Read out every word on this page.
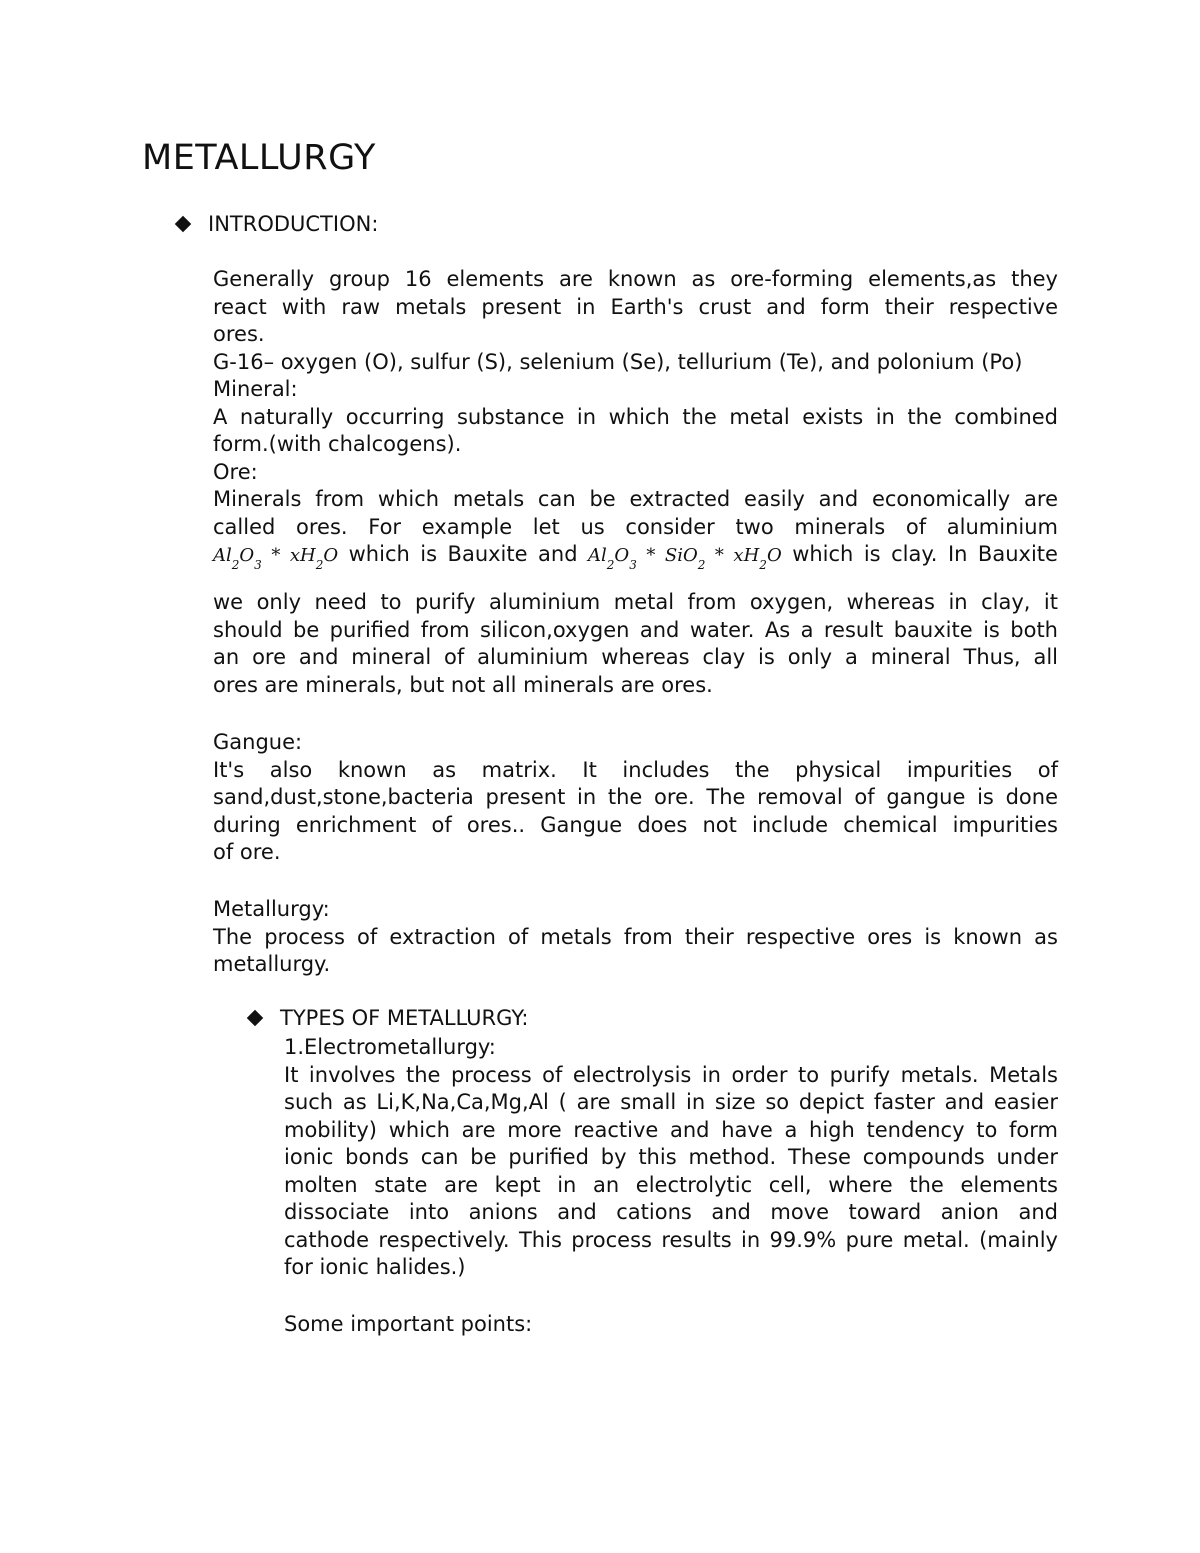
METALLURGY
INTRODUCTION:
Generally group 16 elements are known as ore-forming elements,as they
react with raw metals present in Earth's crust and form their respective
ores.
G-16– oxygen (O), sulfur (S), selenium (Se), tellurium (Te), and polonium (Po)
Mineral:
A naturally occurring substance in which the metal exists in the combined
form.(with chalcogens).
Ore:
Minerals from which metals can be extracted easily and economically are
called ores. For example let us consider two minerals of aluminium
$Al_2O_3 * xH_2O$ which is Bauxite and $Al_2O_3 * SiO_2 * xH_2O$ which is clay. In Bauxite
we only need to purify aluminium metal from oxygen, whereas in clay, it
should be purified from silicon,oxygen and water. As a result bauxite is both
an ore and mineral of aluminium whereas clay is only a mineral Thus, all
ores are minerals, but not all minerals are ores.
Gangue:
It's also known as matrix. It includes the physical impurities of
sand,dust,stone,bacteria present in the ore. The removal of gangue is done
during enrichment of ores.. Gangue does not include chemical impurities
of ore.
Metallurgy:
The process of extraction of metals from their respective ores is known as
metallurgy.
TYPES OF METALLURGY:
1.Electrometallurgy:
It involves the process of electrolysis in order to purify metals. Metals
such as Li,K,Na,Ca,Mg,Al ( are small in size so depict faster and easier
mobility) which are more reactive and have a high tendency to form
ionic bonds can be purified by this method. These compounds under
molten state are kept in an electrolytic cell, where the elements
dissociate into anions and cations and move toward anion and
cathode respectively. This process results in 99.9% pure metal. (mainly
for ionic halides.)
Some important points:
